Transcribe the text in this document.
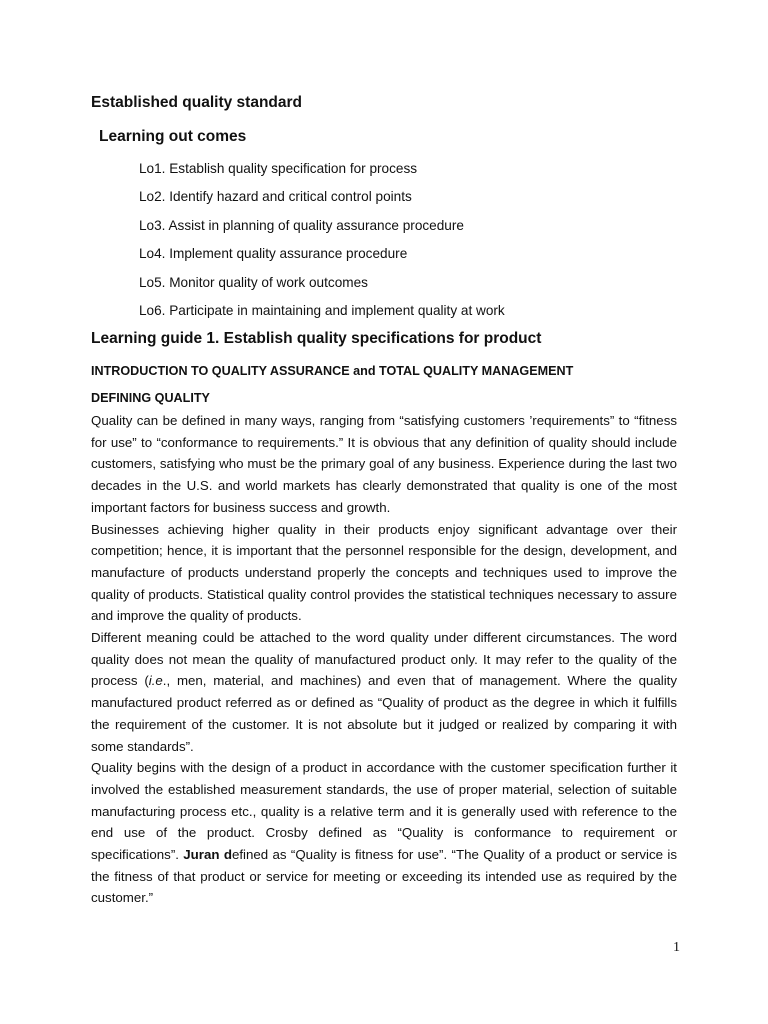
Established quality standard
Learning out comes
Lo1. Establish quality specification for process
Lo2. Identify hazard and critical control points
Lo3. Assist in planning of quality assurance procedure
Lo4. Implement quality assurance procedure
Lo5. Monitor quality of work outcomes
Lo6. Participate in maintaining and implement quality at work
Learning guide 1. Establish quality specifications for product
INTRODUCTION TO QUALITY ASSURANCE and TOTAL QUALITY MANAGEMENT
DEFINING QUALITY

Quality can be defined in many ways, ranging from “satisfying customers ’requirements” to “fitness for use” to “conformance to requirements.” It is obvious that any definition of quality should include customers, satisfying who must be the primary goal of any business. Experience during the last two decades in the U.S. and world markets has clearly demonstrated that quality is one of the most important factors for business success and growth.

Businesses achieving higher quality in their products enjoy significant advantage over their competition; hence, it is important that the personnel responsible for the design, development, and manufacture of products understand properly the concepts and techniques used to improve the quality of products. Statistical quality control provides the statistical techniques necessary to assure and improve the quality of products.

Different meaning could be attached to the word quality under different circumstances. The word quality does not mean the quality of manufactured product only. It may refer to the quality of the process (i.e., men, material, and machines) and even that of management. Where the quality manufactured product referred as or defined as “Quality of product as the degree in which it fulfills the requirement of the customer. It is not absolute but it judged or realized by comparing it with some standards”.

Quality begins with the design of a product in accordance with the customer specification further it involved the established measurement standards, the use of proper material, selection of suitable manufacturing process etc., quality is a relative term and it is generally used with reference to the end use of the product. Crosby defined as “Quality is conformance to requirement or specifications”. Juran defined as “Quality is fitness for use”. “The Quality of a product or service is the fitness of that product or service for meeting or exceeding its intended use as required by the customer.”

1
